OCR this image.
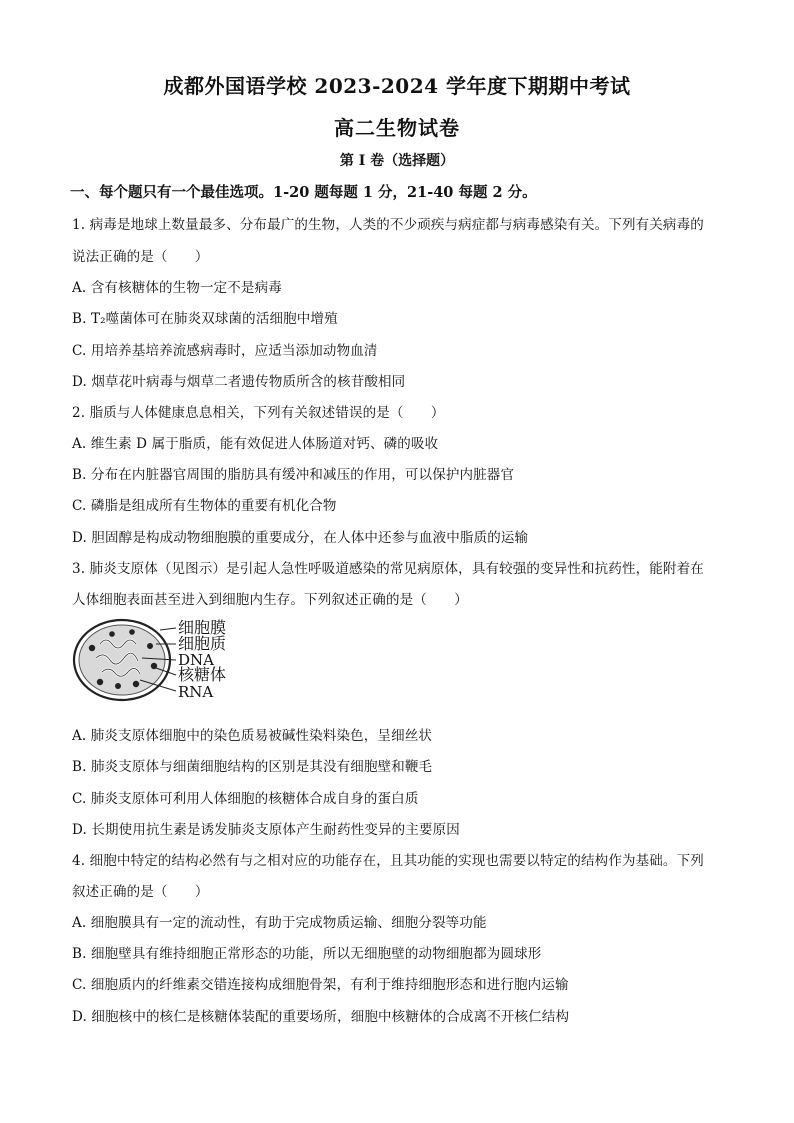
成都外国语学校 2023-2024 学年度下期期中考试
高二生物试卷
第 I 卷（选择题）
一、每个题只有一个最佳选项。1-20 题每题 1 分，21-40 每题 2 分。
1. 病毒是地球上数量最多、分布最广的生物，人类的不少顽疾与病症都与病毒感染有关。下列有关病毒的
说法正确的是（　　）
A. 含有核糖体的生物一定不是病毒
B. T₂噬菌体可在肺炎双球菌的活细胞中增殖
C. 用培养基培养流感病毒时，应适当添加动物血清
D. 烟草花叶病毒与烟草二者遗传物质所含的核苷酸相同
2. 脂质与人体健康息息相关，下列有关叙述错误的是（　　）
A. 维生素 D 属于脂质，能有效促进人体肠道对钙、磷的吸收
B. 分布在内脏器官周围的脂肪具有缓冲和减压的作用，可以保护内脏器官
C. 磷脂是组成所有生物体的重要有机化合物
D. 胆固醇是构成动物细胞膜的重要成分，在人体中还参与血液中脂质的运输
3. 肺炎支原体（见图示）是引起人急性呼吸道感染的常见病原体，具有较强的变异性和抗药性，能附着在
人体细胞表面甚至进入到细胞内生存。下列叙述正确的是（　　）
细胞膜
细胞质
DNA
核糖体
RNA
A. 肺炎支原体细胞中的染色质易被碱性染料染色，呈细丝状
B. 肺炎支原体与细菌细胞结构的区别是其没有细胞壁和鞭毛
C. 肺炎支原体可利用人体细胞的核糖体合成自身的蛋白质
D. 长期使用抗生素是诱发肺炎支原体产生耐药性变异的主要原因
4. 细胞中特定的结构必然有与之相对应的功能存在，且其功能的实现也需要以特定的结构作为基础。下列
叙述正确的是（　　）
A. 细胞膜具有一定的流动性，有助于完成物质运输、细胞分裂等功能
B. 细胞壁具有维持细胞正常形态的功能，所以无细胞壁的动物细胞都为圆球形
C. 细胞质内的纤维素交错连接构成细胞骨架，有利于维持细胞形态和进行胞内运输
D. 细胞核中的核仁是核糖体装配的重要场所，细胞中核糖体的合成离不开核仁结构
